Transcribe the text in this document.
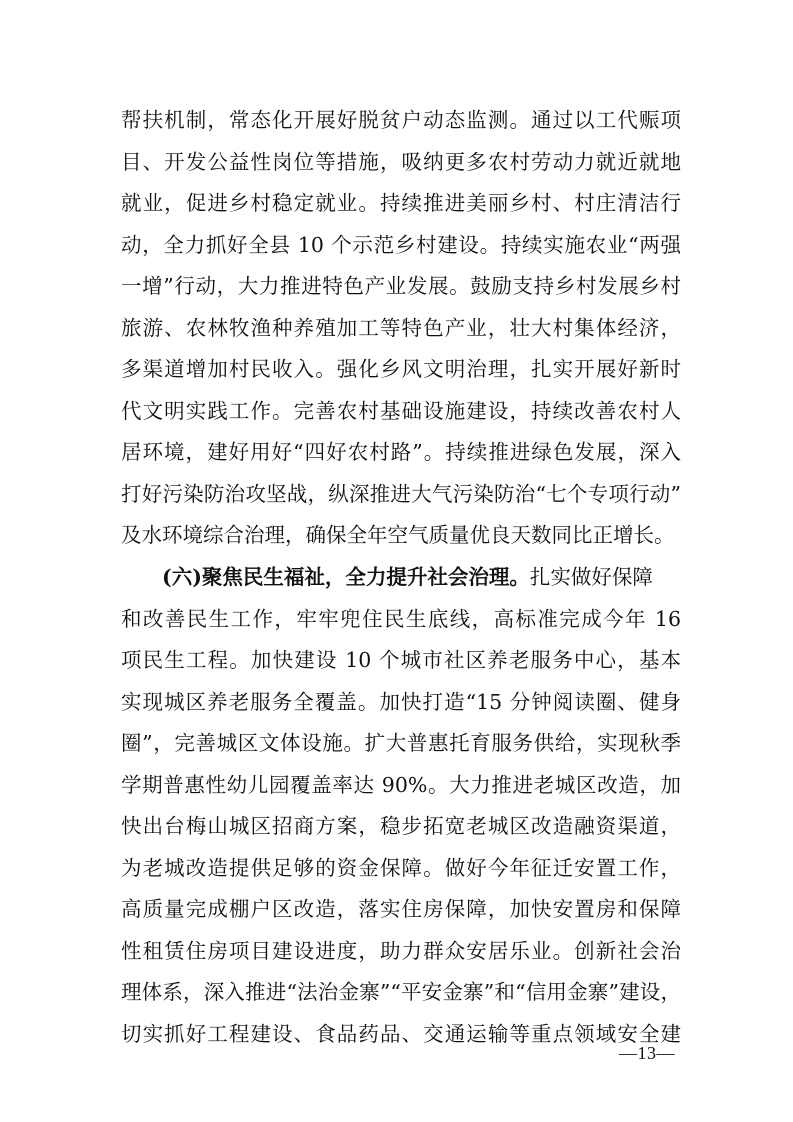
帮扶机制，常态化开展好脱贫户动态监测。通过以工代赈项
目、开发公益性岗位等措施，吸纳更多农村劳动力就近就地
就业，促进乡村稳定就业。持续推进美丽乡村、村庄清洁行
动，全力抓好全县 10 个示范乡村建设。持续实施农业“两强
一增”行动，大力推进特色产业发展。鼓励支持乡村发展乡村
旅游、农林牧渔种养殖加工等特色产业，壮大村集体经济，
多渠道增加村民收入。强化乡风文明治理，扎实开展好新时
代文明实践工作。完善农村基础设施建设，持续改善农村人
居环境，建好用好“四好农村路”。持续推进绿色发展，深入
打好污染防治攻坚战，纵深推进大气污染防治“七个专项行动”
及水环境综合治理，确保全年空气质量优良天数同比正增长。
(六)聚焦民生福祉，全力提升社会治理。扎实做好保障
和改善民生工作，牢牢兜住民生底线，高标准完成今年 16
项民生工程。加快建设 10 个城市社区养老服务中心，基本
实现城区养老服务全覆盖。加快打造“15 分钟阅读圈、健身
圈”，完善城区文体设施。扩大普惠托育服务供给，实现秋季
学期普惠性幼儿园覆盖率达 90%。大力推进老城区改造，加
快出台梅山城区招商方案，稳步拓宽老城区改造融资渠道，
为老城改造提供足够的资金保障。做好今年征迁安置工作，
高质量完成棚户区改造，落实住房保障，加快安置房和保障
性租赁住房项目建设进度，助力群众安居乐业。创新社会治
理体系，深入推进“法治金寨”“平安金寨”和“信用金寨”建设，
切实抓好工程建设、食品药品、交通运输等重点领域安全建
—13—
